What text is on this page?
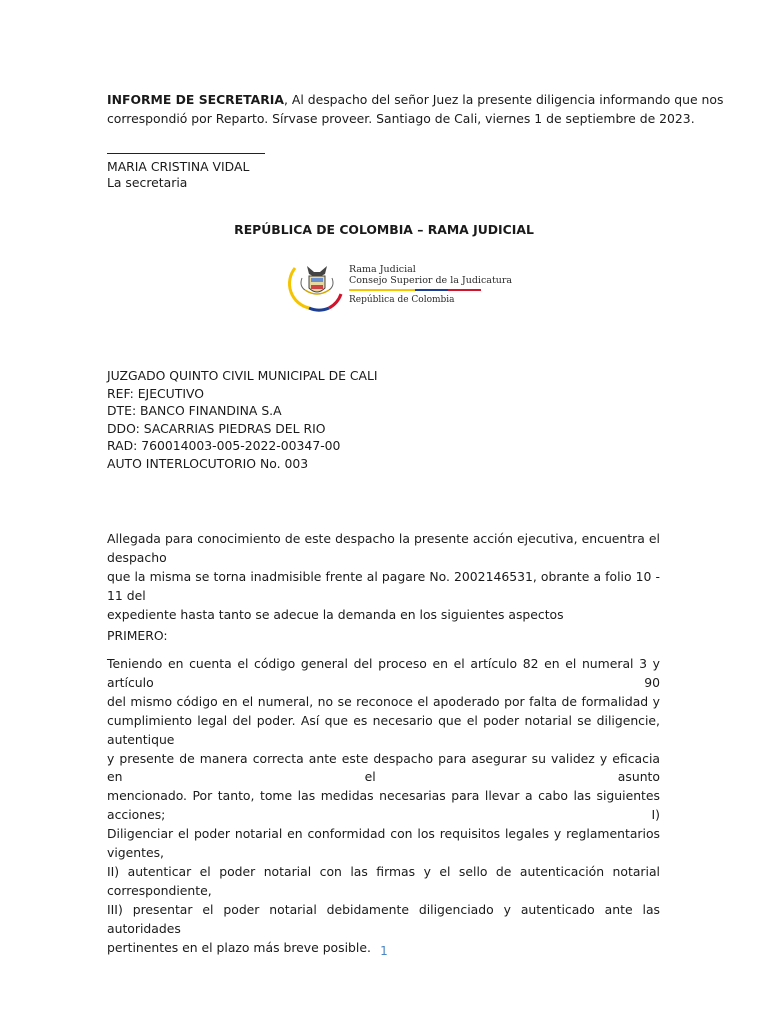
INFORME DE SECRETARIA, Al despacho del señor Juez la presente diligencia informando que nos
correspondió por Reparto. Sírvase proveer. Santiago de Cali, viernes 1 de septiembre de 2023.
MARIA CRISTINA VIDAL
La secretaria
REPÚBLICA DE COLOMBIA – RAMA JUDICIAL
Rama Judicial
Consejo Superior de la Judicatura
República de Colombia
JUZGADO QUINTO CIVIL MUNICIPAL DE CALI
REF: EJECUTIVO
DTE: BANCO FINANDINA S.A
DDO: SACARRIAS PIEDRAS DEL RIO
RAD: 760014003-005-2022-00347-00
AUTO INTERLOCUTORIO No. 003
Allegada para conocimiento de este despacho la presente acción ejecutiva, encuentra el despacho
que la misma se torna inadmisible frente al pagare No. 2002146531, obrante a folio 10 - 11 del
expediente hasta tanto se adecue la demanda en los siguientes aspectos
PRIMERO:
Teniendo en cuenta el código general del proceso en el artículo 82 en el numeral 3 y artículo 90
del mismo código en el numeral, no se reconoce el apoderado por falta de formalidad y
cumplimiento legal del poder. Así que es necesario que el poder notarial se diligencie, autentique
y presente de manera correcta ante este despacho para asegurar su validez y eficacia en el asunto
mencionado. Por tanto, tome las medidas necesarias para llevar a cabo las siguientes acciones; I)
Diligenciar el poder notarial en conformidad con los requisitos legales y reglamentarios vigentes,
II) autenticar el poder notarial con las firmas y el sello de autenticación notarial correspondiente,
III) presentar el poder notarial debidamente diligenciado y autenticado ante las autoridades
pertinentes en el plazo más breve posible. 1
